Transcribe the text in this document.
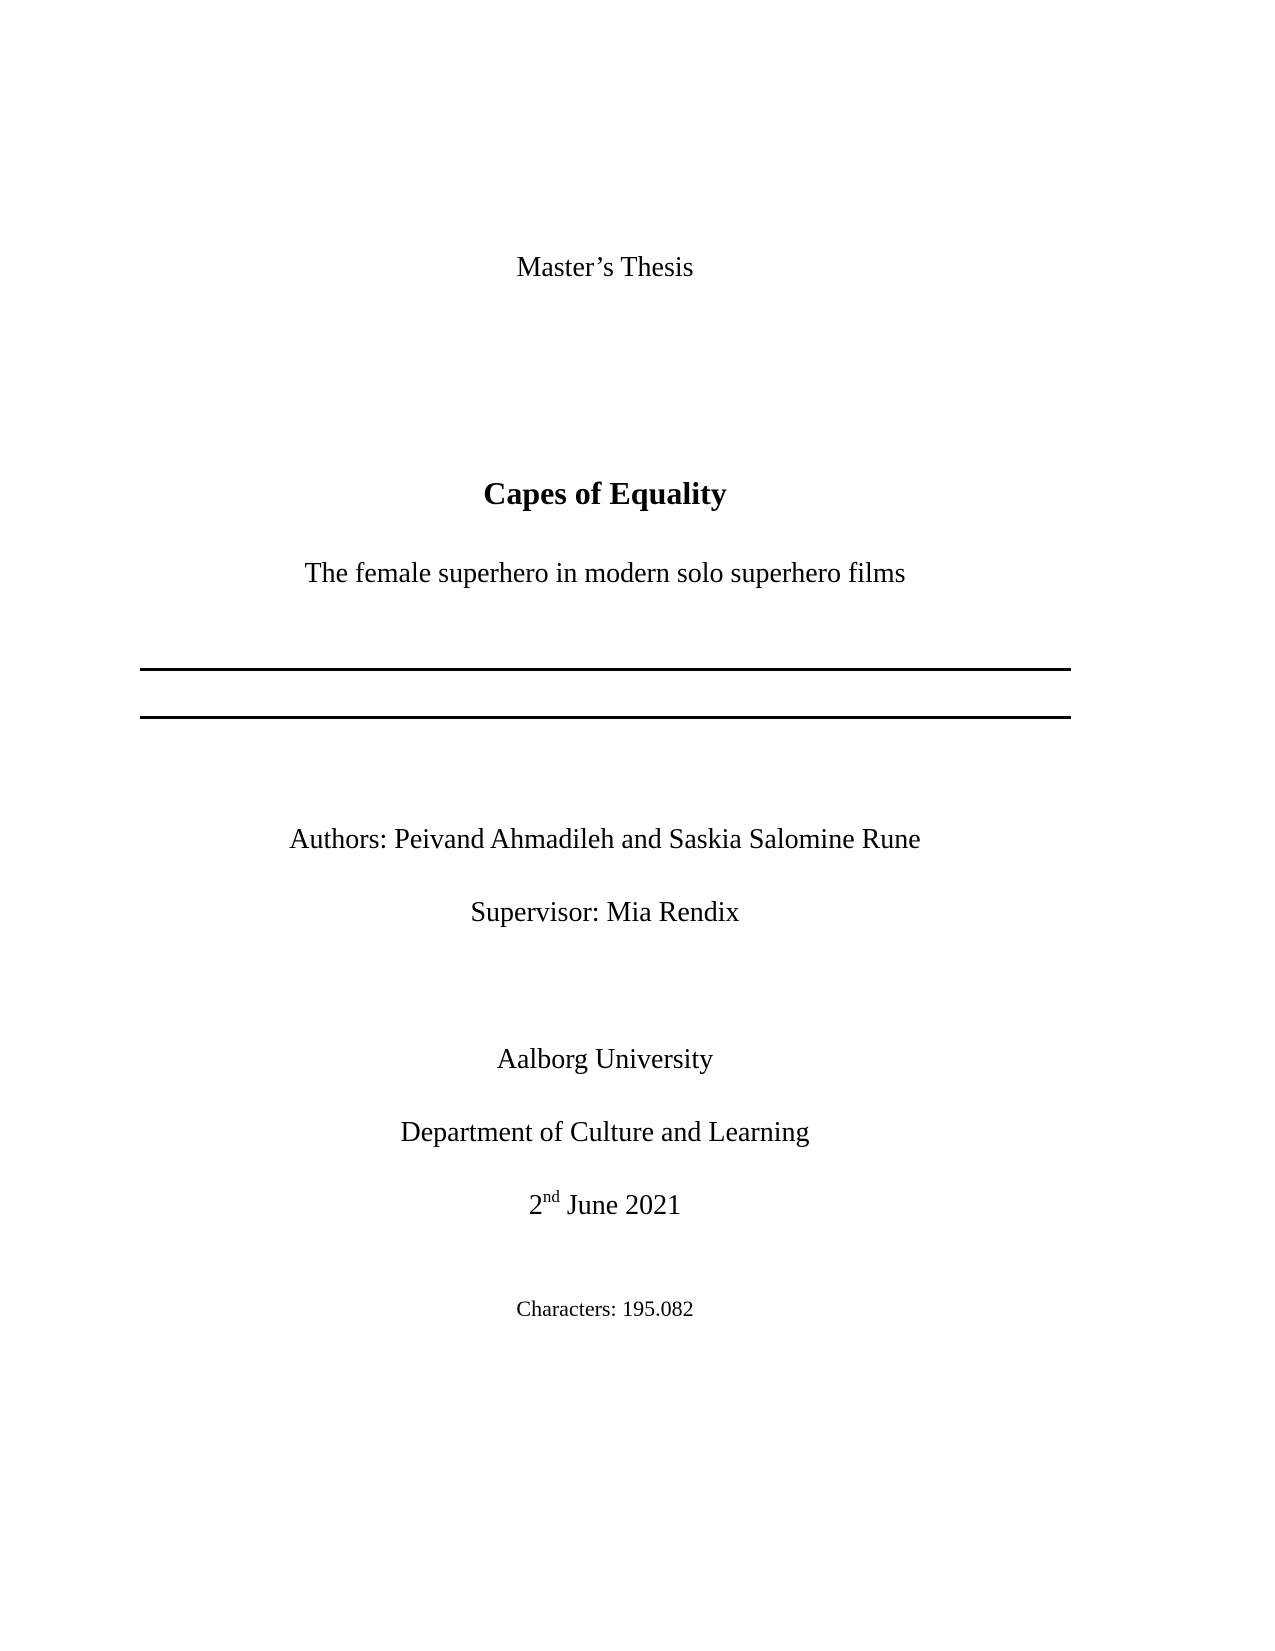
Master’s Thesis
Capes of Equality
The female superhero in modern solo superhero films
Authors: Peivand Ahmadileh and Saskia Salomine Rune
Supervisor: Mia Rendix
Aalborg University
Department of Culture and Learning
2nd June 2021
Characters: 195.082
